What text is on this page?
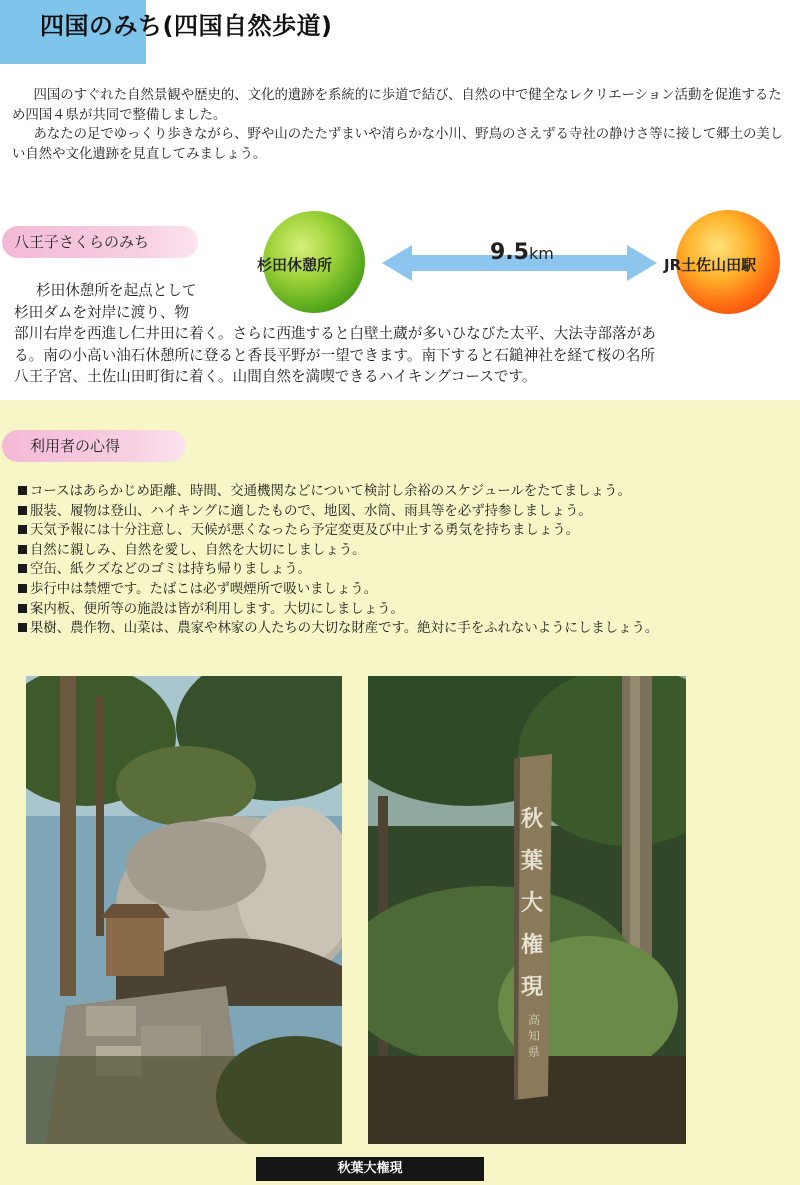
四国のみち(四国自然歩道)

四国のすぐれた自然景観や歴史的、文化的遺跡を系統的に歩道で結び、自然の中で健全なレクリエーション活動を促進するため四国４県が共同で整備しました。

あなたの足でゆっくり歩きながら、野や山のたたずまいや清らかな小川、野鳥のさえずる寺社の静けさ等に接して郷土の美しい自然や文化遺跡を見直してみましょう。

八王子さくらのみち
杉田休憩所	JR土佐山田駅
9.5km
杉田休憩所を起点として
杉田ダムを対岸に渡り、物
部川右岸を西進し仁井田に着く。さらに西進すると白壁土蔵が多いひなびた太平、大法寺部落があ
る。南の小高い油石休憩所に登ると香長平野が一望できます。南下すると石鎚神社を経て桜の名所
八王子宮、土佐山田町街に着く。山間自然を満喫できるハイキングコースです。
利用者の心得
コースはあらかじめ距離、時間、交通機関などについて検討し余裕のスケジュールをたてましょう。
服装、履物は登山、ハイキングに適したもので、地図、水筒、雨具等を必ず持参しましょう。
天気予報には十分注意し、天候が悪くなったら予定変更及び中止する勇気を持ちましょう。
自然に親しみ、自然を愛し、自然を大切にしましょう。
空缶、紙クズなどのゴミは持ち帰りましょう。
歩行中は禁煙です。たばこは必ず喫煙所で吸いましょう。
案内板、便所等の施設は皆が利用します。大切にしましょう。
果樹、農作物、山菜は、農家や林家の人たちの大切な財産です。絶対に手をふれないようにしましょう。
秋
葉
大
権
現
高
知
県
秋葉大権現
